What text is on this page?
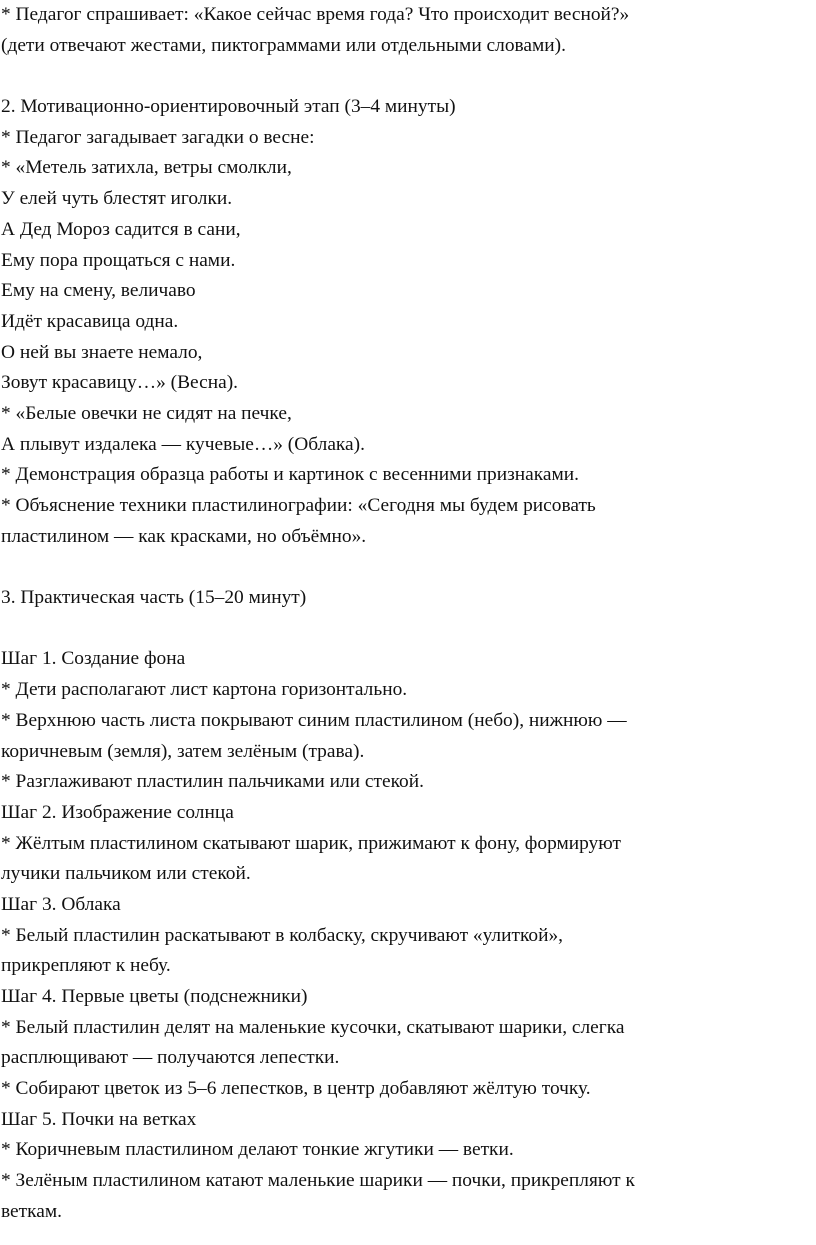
* Педагог спрашивает: «Какое сейчас время года? Что происходит весной?»
(дети отвечают жестами, пиктограммами или отдельными словами).
2. Мотивационно-ориентировочный этап (3–4 минуты)
* Педагог загадывает загадки о весне:
* «Метель затихла, ветры смолкли,
У елей чуть блестят иголки.
А Дед Мороз садится в сани,
Ему пора прощаться с нами.
Ему на смену, величаво
Идёт красавица одна.
О ней вы знаете немало,
Зовут красавицу…» (Весна).
* «Белые овечки не сидят на печке,
А плывут издалека — кучевые…» (Облака).
* Демонстрация образца работы и картинок с весенними признаками.
* Объяснение техники пластилинографии: «Сегодня мы будем рисовать
пластилином — как красками, но объёмно».
3. Практическая часть (15–20 минут)
Шаг 1. Создание фона
* Дети располагают лист картона горизонтально.
* Верхнюю часть листа покрывают синим пластилином (небо), нижнюю —
коричневым (земля), затем зелёным (трава).
* Разглаживают пластилин пальчиками или стекой.
Шаг 2. Изображение солнца
* Жёлтым пластилином скатывают шарик, прижимают к фону, формируют
лучики пальчиком или стекой.
Шаг 3. Облака
* Белый пластилин раскатывают в колбаску, скручивают «улиткой»,
прикрепляют к небу.
Шаг 4. Первые цветы (подснежники)
* Белый пластилин делят на маленькие кусочки, скатывают шарики, слегка
расплющивают — получаются лепестки.
* Собирают цветок из 5–6 лепестков, в центр добавляют жёлтую точку.
Шаг 5. Почки на ветках
* Коричневым пластилином делают тонкие жгутики — ветки.
* Зелёным пластилином катают маленькие шарики — почки, прикрепляют к
веткам.
